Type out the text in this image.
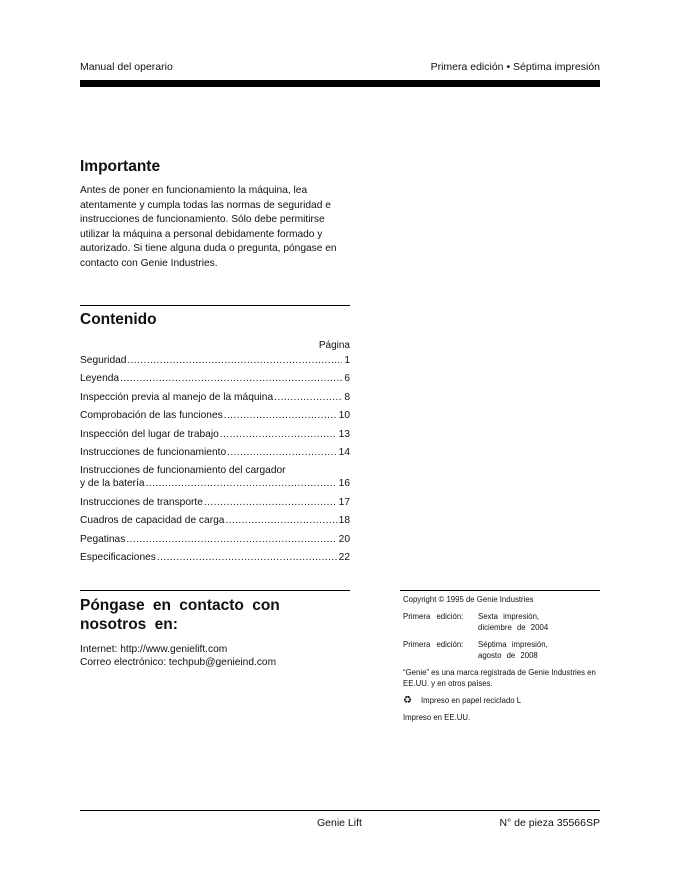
Manual del operario	Primera edición • Séptima impresión
Importante
Antes de poner en funcionamiento la máquina, lea atentamente y cumpla todas las normas de seguridad e instrucciones de funcionamiento. Sólo debe permitirse utilizar la máquina a personal debidamente formado y autorizado. Si tiene alguna duda o pregunta, póngase en contacto con Genie Industries.
Contenido
Página
Seguridad .....	1
Leyenda .....	6
Inspección previa al manejo de la máquina .....	8
Comprobación de las funciones .....	10
Inspección del lugar de trabajo .....	13
Instrucciones de funcionamiento .....	14
Instrucciones de funcionamiento del cargador
y de la batería .....	16
Instrucciones de transporte .....	17
Cuadros de capacidad de carga .....	18
Pegatinas .....	20
Especificaciones .....	22
Póngase en contacto con
nosotros en:
Internet: http://www.genielift.com
Correo electrónico: techpub@genieind.com

Copyright © 1995 de Genie Industries

Primera edición:	Sexta impresión,
diciembre de 2004
Primera edición:	Séptima impresión,
agosto de 2008

“Genie” es una marca registrada de Genie Industries en EE.UU. y en otros países.

♻	Impreso en papel reciclado L

Impreso en EE.UU.

Genie Lift	N° de pieza 35566SP
